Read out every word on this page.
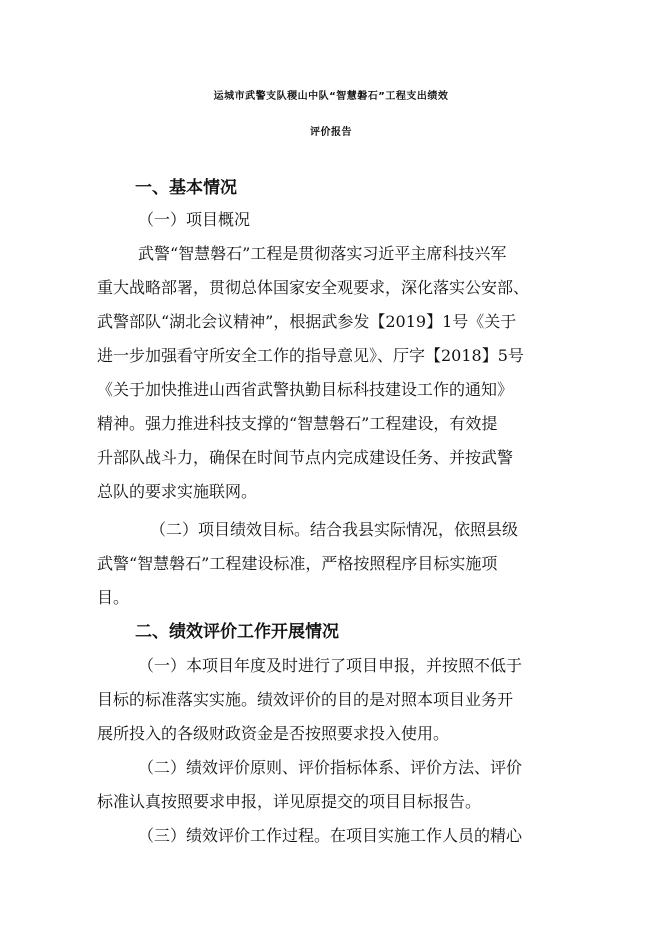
运城市武警支队稷山中队“智慧磐石”工程支出绩效
评价报告
一、基本情况
（一）项目概况
武警“智慧磐石”工程是贯彻落实习近平主席科技兴军
重大战略部署，贯彻总体国家安全观要求，深化落实公安部、
武警部队“湖北会议精神”，根据武参发【2019】1号《关于
进一步加强看守所安全工作的指导意见》、厅字【2018】5号
《关于加快推进山西省武警执勤目标科技建设工作的通知》
精神。强力推进科技支撑的“智慧磐石”工程建设，有效提
升部队战斗力，确保在时间节点内完成建设任务、并按武警
总队的要求实施联网。
（二）项目绩效目标。结合我县实际情况，依照县级
武警“智慧磐石”工程建设标准，严格按照程序目标实施项
目。
二、绩效评价工作开展情况
（一）本项目年度及时进行了项目申报，并按照不低于
目标的标准落实实施。绩效评价的目的是对照本项目业务开
展所投入的各级财政资金是否按照要求投入使用。
（二）绩效评价原则、评价指标体系、评价方法、评价
标准认真按照要求申报，详见原提交的项目目标报告。
（三）绩效评价工作过程。在项目实施工作人员的精心
